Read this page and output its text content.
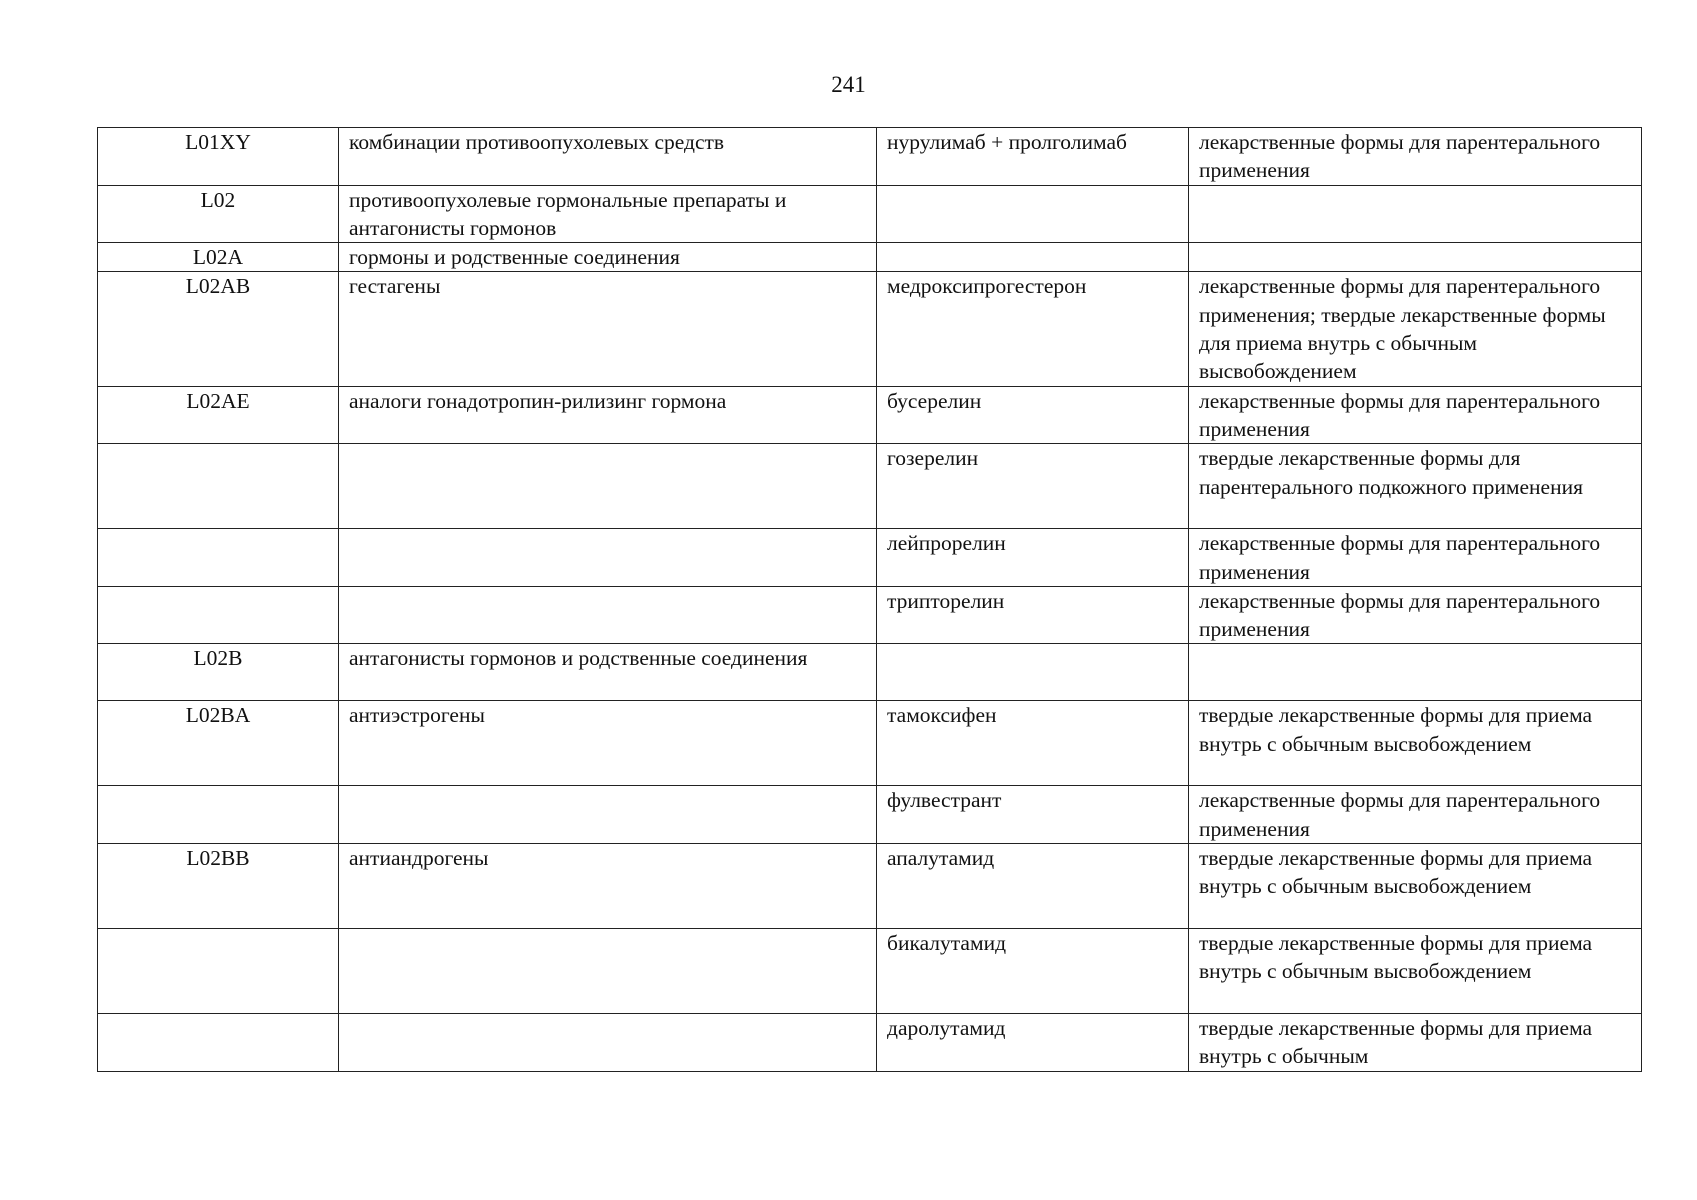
241
L01XY	комбинации противоопухолевых средств	нурулимаб + пролголимаб	лекарственные формы для парентерального применения
L02	противоопухолевые гормональные препараты и антагонисты гормонов		
L02A	гормоны и родственные соединения		
L02AB	гестагены	медроксипрогестерон	лекарственные формы для парентерального применения; твердые лекарственные формы для приема внутрь с обычным высвобождением
L02AE	аналоги гонадотропин-рилизинг гормона	бусерелин	лекарственные формы для парентерального применения
		гозерелин	твердые лекарственные формы для парентерального подкожного применения
		лейпрорелин	лекарственные формы для парентерального применения
		трипторелин	лекарственные формы для парентерального применения
L02B	антагонисты гормонов и родственные соединения		
L02BA	антиэстрогены	тамоксифен	твердые лекарственные формы для приема внутрь с обычным высвобождением
		фулвестрант	лекарственные формы для парентерального применения
L02BB	антиандрогены	апалутамид	твердые лекарственные формы для приема внутрь с обычным высвобождением
		бикалутамид	твердые лекарственные формы для приема внутрь с обычным высвобождением
		даролутамид	твердые лекарственные формы для приема внутрь с обычным
